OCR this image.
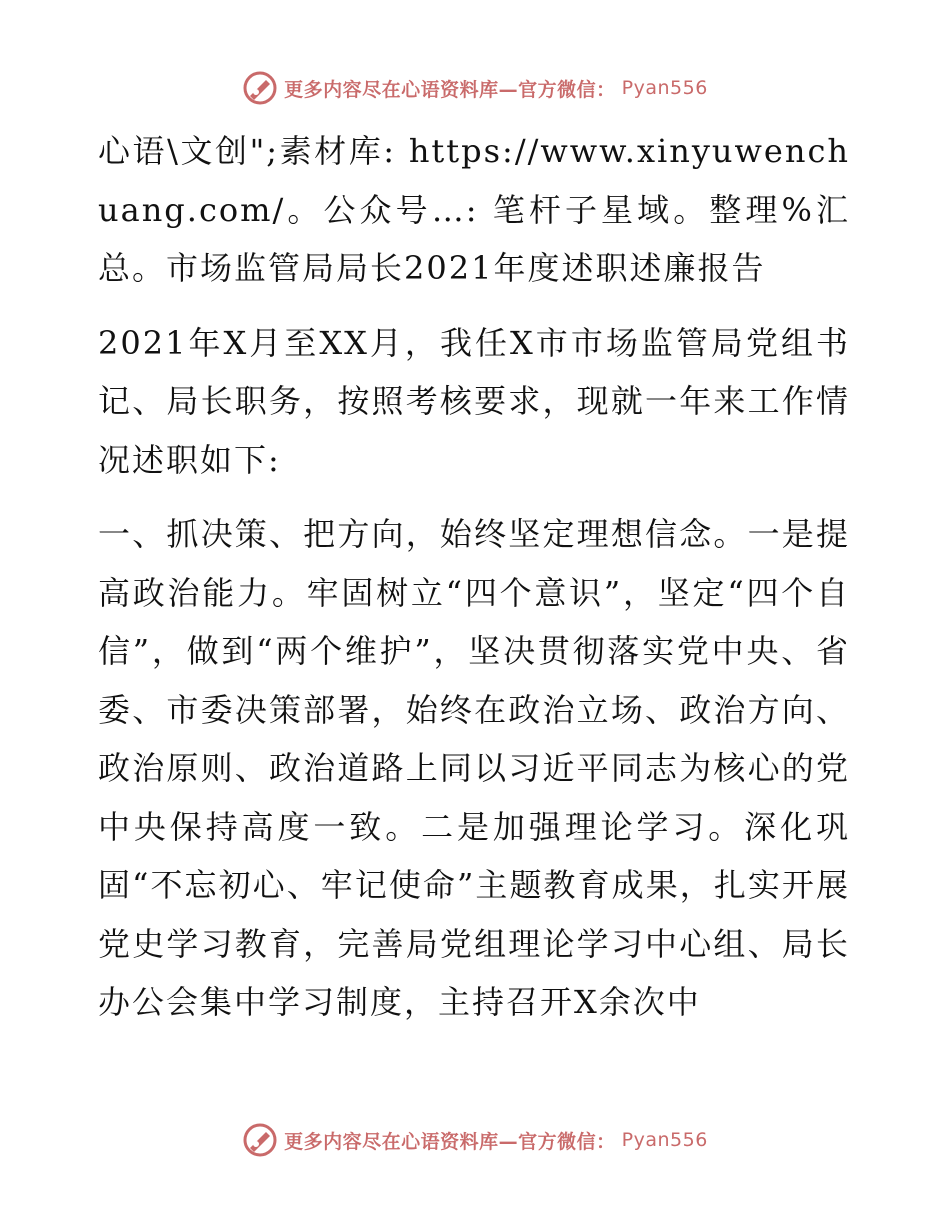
更多内容尽在心语资料库—官方微信： Pyan556

心语\文创";素材库: https://www.xinyuwenchuang.com/。公众号…: 笔杆子星域。整理%汇总。市场监管局局长2021年度述职述廉报告

2021年X月至XX月，我任X市市场监管局党组书记、局长职务，按照考核要求，现就一年来工作情况述职如下:

一、抓决策、把方向，始终坚定理想信念。一是提高政治能力。牢固树立“四个意识”，坚定“四个自信”，做到“两个维护”，坚决贯彻落实党中央、省委、市委决策部署，始终在政治立场、政治方向、政治原则、政治道路上同以习近平同志为核心的党中央保持高度一致。二是加强理论学习。深化巩固“不忘初心、牢记使命”主题教育成果，扎实开展党史学习教育，完善局党组理论学习中心组、局长办公会集中学习制度，主持召开X余次中

更多内容尽在心语资料库—官方微信： Pyan556
